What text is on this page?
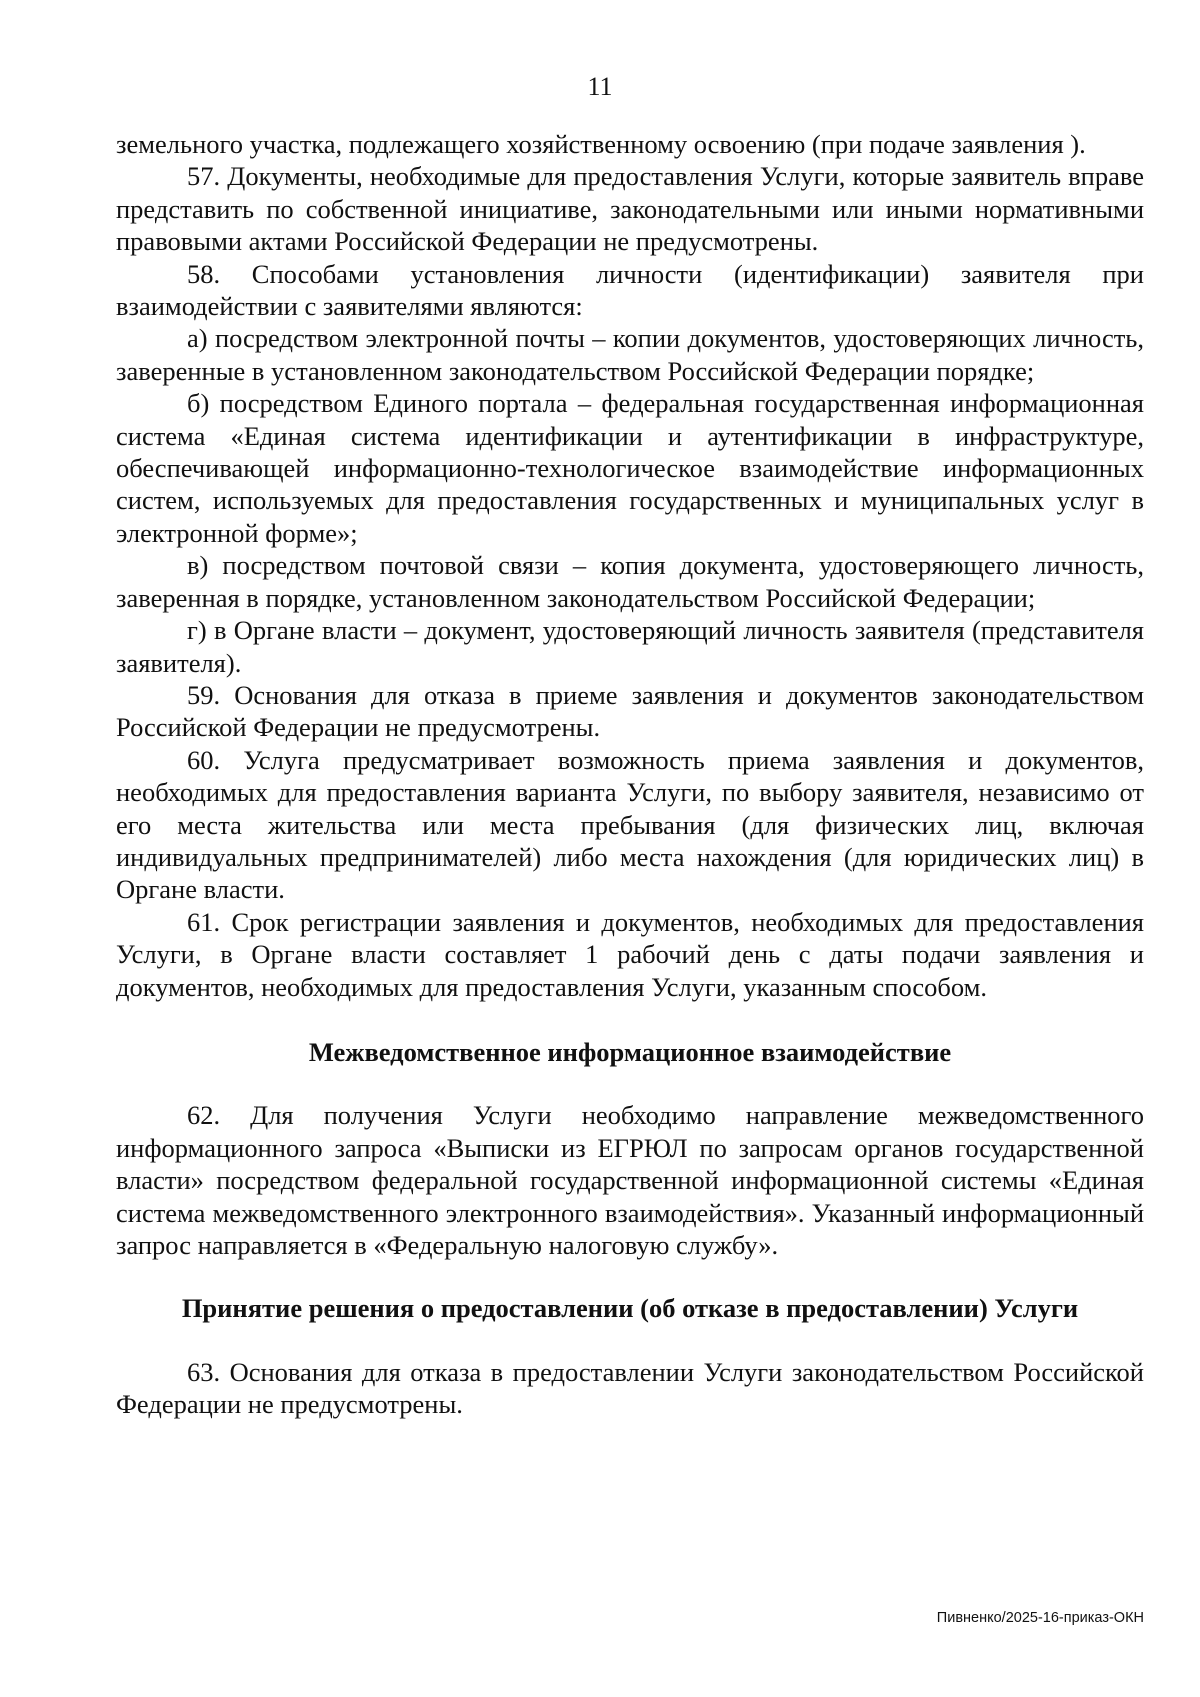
11

земельного участка, подлежащего хозяйственному освоению (при подаче заявления ).

57. Документы, необходимые для предоставления Услуги, которые заявитель вправе представить по собственной инициативе, законодательными или иными нормативными правовыми актами Российской Федерации не предусмотрены.

58. Способами установления личности (идентификации) заявителя при взаимодействии с заявителями являются:

а) посредством электронной почты – копии документов, удостоверяющих личность, заверенные в установленном законодательством Российской Федерации порядке;

б) посредством Единого портала – федеральная государственная информационная система «Единая система идентификации и аутентификации в инфраструктуре, обеспечивающей информационно-технологическое взаимодействие информационных систем, используемых для предоставления государственных и муниципальных услуг в электронной форме»;

в) посредством почтовой связи – копия документа, удостоверяющего личность, заверенная в порядке, установленном законодательством Российской Федерации;

г) в Органе власти – документ, удостоверяющий личность заявителя (представителя заявителя).

59. Основания для отказа в приеме заявления и документов законодательством Российской Федерации не предусмотрены.

60. Услуга предусматривает возможность приема заявления и документов, необходимых для предоставления варианта Услуги, по выбору заявителя, независимо от его места жительства или места пребывания (для физических лиц, включая индивидуальных предпринимателей) либо места нахождения (для юридических лиц) в Органе власти.

61. Срок регистрации заявления и документов, необходимых для предоставления Услуги, в Органе власти составляет 1 рабочий день с даты подачи заявления и документов, необходимых для предоставления Услуги, указанным способом.

Межведомственное информационное взаимодействие

62. Для получения Услуги необходимо направление межведомственного информационного запроса «Выписки из ЕГРЮЛ по запросам органов государственной власти» посредством федеральной государственной информационной системы «Единая система межведомственного электронного взаимодействия». Указанный информационный запрос направляется в «Федеральную налоговую службу».

Принятие решения о предоставлении (об отказе в предоставлении) Услуги

63. Основания для отказа в предоставлении Услуги законодательством Российской Федерации не предусмотрены.

Пивненко/2025-16-приказ-ОКН
